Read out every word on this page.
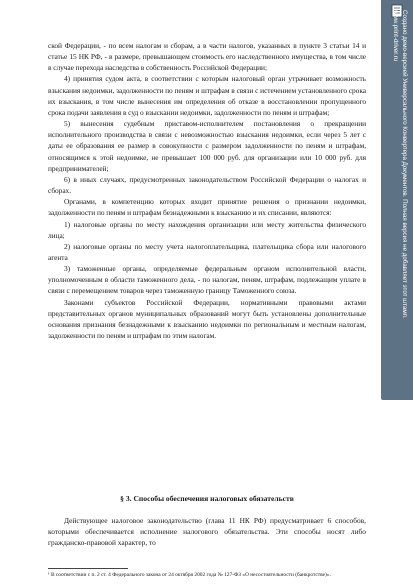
ской Федерации, - по всем налогам и сборам, а в части налогов, указанных в пункте 3 статьи 14 и статье 15 НК РФ, - в размере, превышающем стоимость его наследственного имущества, в том числе в случае перехода наследства в собственность Российской Федерации;

4) принятия судом акта, в соответствии с которым налоговый орган утрачивает возможность взыскания недоимки, задолженности по пеням и штрафам в связи с истечением установленного срока их взыскания, в том числе вынесения им определения об отказе в восстановлении пропущенного срока подачи заявления в суд о взыскании недоимки, задолженности по пеням и штрафам;

5) вынесения судебным приставом-исполнителем постановления о прекращении исполнительного производства в связи с невозможностью взыскания недоимки, если через 5 лет с даты ее образования ее размер в совокупности с размером задолженности по пеням и штрафам, относящимся к этой недоимке, не превышает 100 000 руб. для организации или 10 000 руб. для предпринимателей;

6) в иных случаях, предусмотренных законодательством Российской Федерации о налогах и сборах.

Органами, в компетенцию которых входит принятие решения о признании недоимки, задолженности по пеням и штрафам безнадежными к взысканию и их списании, являются:

1) налоговые органы по месту нахождения организации или месту жительства физического лица;

2) налоговые органы по месту учета налогоплательщика, плательщика сбора или налогового агента

3) таможенные органы, определяемые федеральным органом исполнительной власти, уполномоченным в области таможенного дела, - по налогам, пеням, штрафам, подлежащим уплате в связи с перемещением товаров через таможенную границу Таможенного союза.

Законами субъектов Российской Федерации, нормативными правовыми актами представительных органов муниципальных образований могут быть установлены дополнительные основания признания безнадежными к взысканию недоимки по региональным и местным налогам, задолженности по пеням и штрафам по этим налогам.

§ 3. Способы обеспечения налоговых обязательств

Действующее налоговое законодательство (глава 11 НК РФ) предусматривает 6 способов, которыми обеспечивается исполнение налогового обязательства. Эти способы носят либо гражданско-правовой характер, то

¹ В соответствии с п. 2 ст. 4 Федерального закона от 24 октября 2002 года № 127-ФЗ «О несостоятельности (банкротстве)».
Создано демо-версией Универсального Конвертера Документов. Полная версия не добавляет этот штамп.
www.print-driver.ru
